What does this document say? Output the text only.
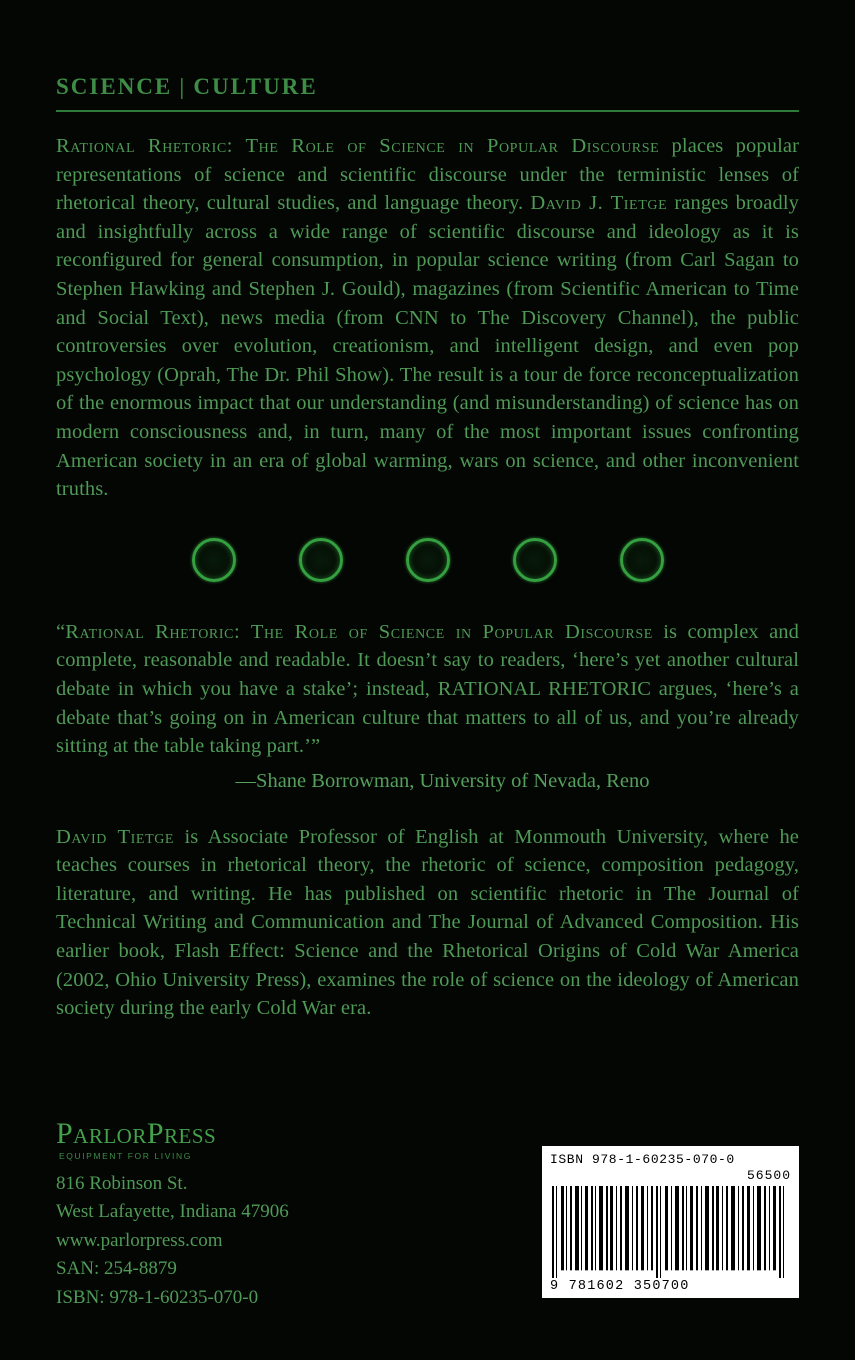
SCIENCE | CULTURE

Rational Rhetoric: The Role of Science in Popular Discourse places popular representations of science and scientific discourse under the terministic lenses of rhetorical theory, cultural studies, and language theory. David J. Tietge ranges broadly and insightfully across a wide range of scientific discourse and ideology as it is reconfigured for general consumption, in popular science writing (from Carl Sagan to Stephen Hawking and Stephen J. Gould), magazines (from Scientific American to Time and Social Text), news media (from CNN to The Discovery Channel), the public controversies over evolution, creationism, and intelligent design, and even pop psychology (Oprah, The Dr. Phil Show). The result is a tour de force reconceptualization of the enormous impact that our understanding (and misunderstanding) of science has on modern consciousness and, in turn, many of the most important issues confronting American society in an era of global warming, wars on science, and other inconvenient truths.

“Rational Rhetoric: The Role of Science in Popular Discourse is complex and complete, reasonable and readable. It doesn’t say to readers, ‘here’s yet another cultural debate in which you have a stake’; instead, RATIONAL RHETORIC argues, ‘here’s a debate that’s going on in American culture that matters to all of us, and you’re already sitting at the table taking part.’”

—Shane Borrowman, University of Nevada, Reno

David Tietge is Associate Professor of English at Monmouth University, where he teaches courses in rhetorical theory, the rhetoric of science, composition pedagogy, literature, and writing. He has published on scientific rhetoric in The Journal of Technical Writing and Communication and The Journal of Advanced Composition. His earlier book, Flash Effect: Science and the Rhetorical Origins of Cold War America (2002, Ohio University Press), examines the role of science on the ideology of American society during the early Cold War era.

ParlorPress
EQUIPMENT FOR LIVING
816 Robinson St.
West Lafayette, Indiana 47906
www.parlorpress.com
SAN: 254-8879
ISBN: 978-1-60235-070-0
ISBN 978-1-60235-070-0
56500
9 781602 350700
